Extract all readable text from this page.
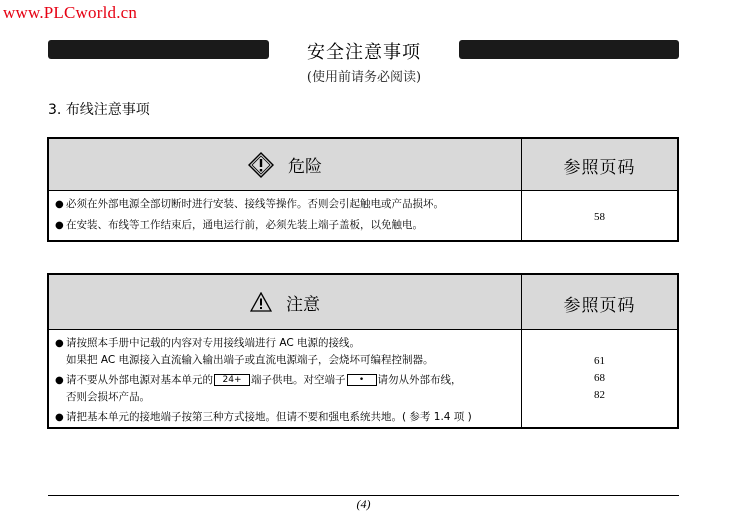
www.PLCworld.cn
安全注意事项
(使用前请务必阅读)
3. 布线注意事项
危险	参照页码
● 必须在外部电源全部切断时进行安装、接线等操作。否则会引起触电或产品损坏。
● 在安装、布线等工作结束后，通电运行前，必须先装上端子盖板，以免触电。
58
注意	参照页码
● 请按照本手册中记载的内容对专用接线端进行 AC 电源的接线。
如果把 AC 电源接入直流输入输出端子或直流电源端子，会烧坏可编程控制器。
● 请不要从外部电源对基本单元的 24+ 端子供电。对空端子 • 请勿从外部布线，
否则会损坏产品。
● 请把基本单元的接地端子按第三种方式接地。但请不要和强电系统共地。( 参考 1.4 项 )
61
68
82
(4)
